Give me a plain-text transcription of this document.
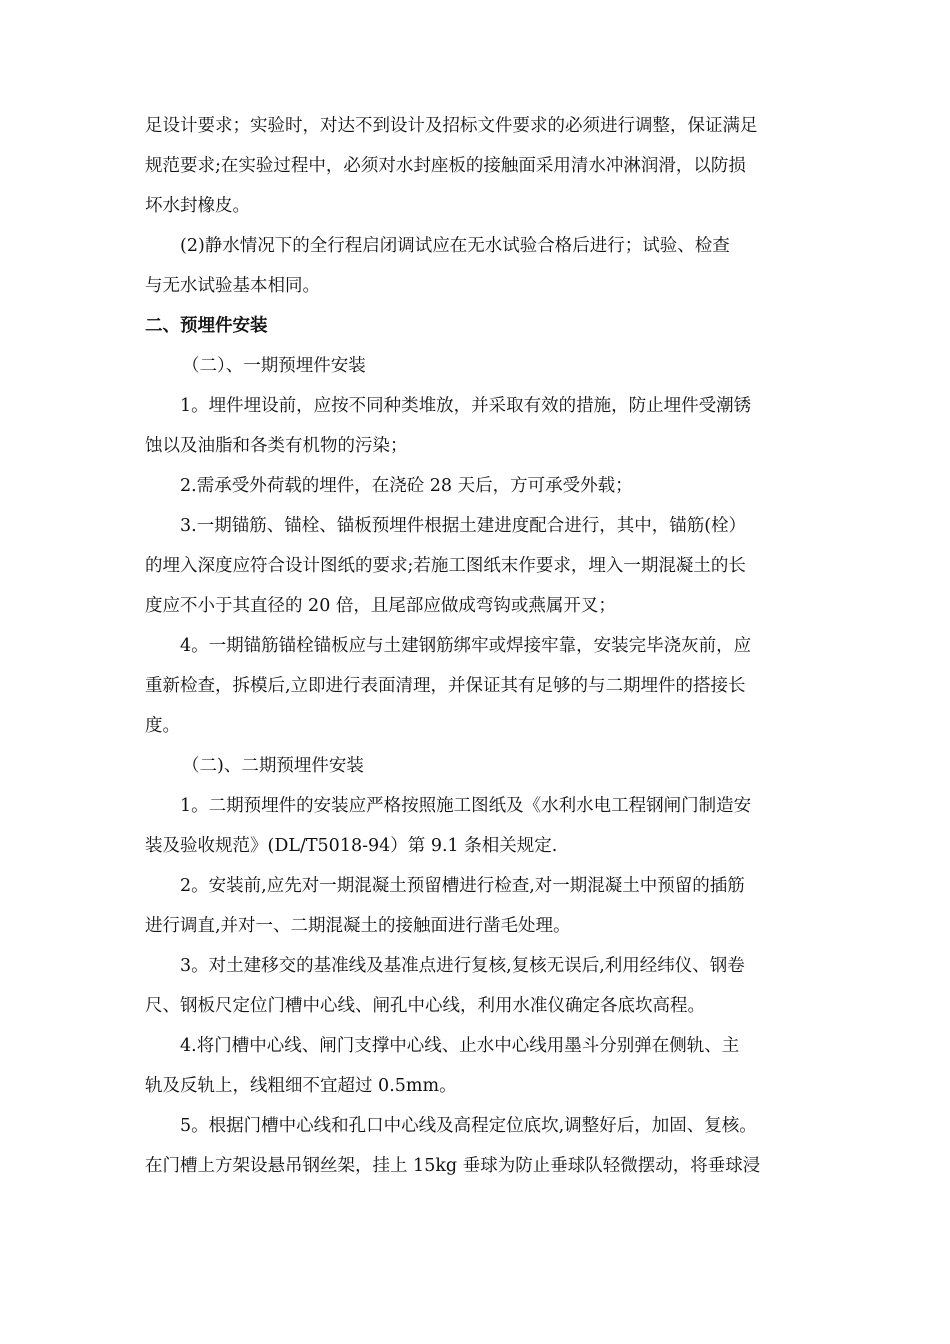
足设计要求；实验时，对达不到设计及招标文件要求的必须进行调整，保证满足

规范要求;在实验过程中，必须对水封座板的接触面采用清水冲淋润滑，以防损

坏水封橡皮。

(2)静水情况下的全行程启闭调试应在无水试验合格后进行；试验、检查

与无水试验基本相同。

二、预埋件安装

（二）、一期预埋件安装

1。埋件埋设前，应按不同种类堆放，并采取有效的措施，防止埋件受潮锈

蚀以及油脂和各类有机物的污染；

2.需承受外荷载的埋件，在浇砼 28 天后，方可承受外载；

3.一期锚筋、锚栓、锚板预埋件根据土建进度配合进行，其中，锚筋(栓）

的埋入深度应符合设计图纸的要求;若施工图纸末作要求，埋入一期混凝土的长

度应不小于其直径的 20 倍，且尾部应做成弯钩或燕属开叉；

4。一期锚筋锚栓锚板应与土建钢筋绑牢或焊接牢靠，安装完毕浇灰前，应

重新检查，拆模后,立即进行表面清理，并保证其有足够的与二期埋件的搭接长

度。

（二)、二期预埋件安装

1。二期预埋件的安装应严格按照施工图纸及《水利水电工程钢闸门制造安

装及验收规范》(DL/T5018-94）第 9.1 条相关规定.

2。安装前,应先对一期混凝土预留槽进行检查,对一期混凝土中预留的插筋

进行调直,并对一、二期混凝土的接触面进行凿毛处理。

3。对土建移交的基准线及基准点进行复核,复核无误后,利用经纬仪、钢卷

尺、钢板尺定位门槽中心线、闸孔中心线，利用水准仪确定各底坎高程。

4.将门槽中心线、闸门支撑中心线、止水中心线用墨斗分别弹在侧轨、主

轨及反轨上，线粗细不宜超过 0.5mm。

5。根据门槽中心线和孔口中心线及高程定位底坎,调整好后，加固、复核。

在门槽上方架设悬吊钢丝架，挂上 15kg 垂球为防止垂球队轻微摆动，将垂球浸
